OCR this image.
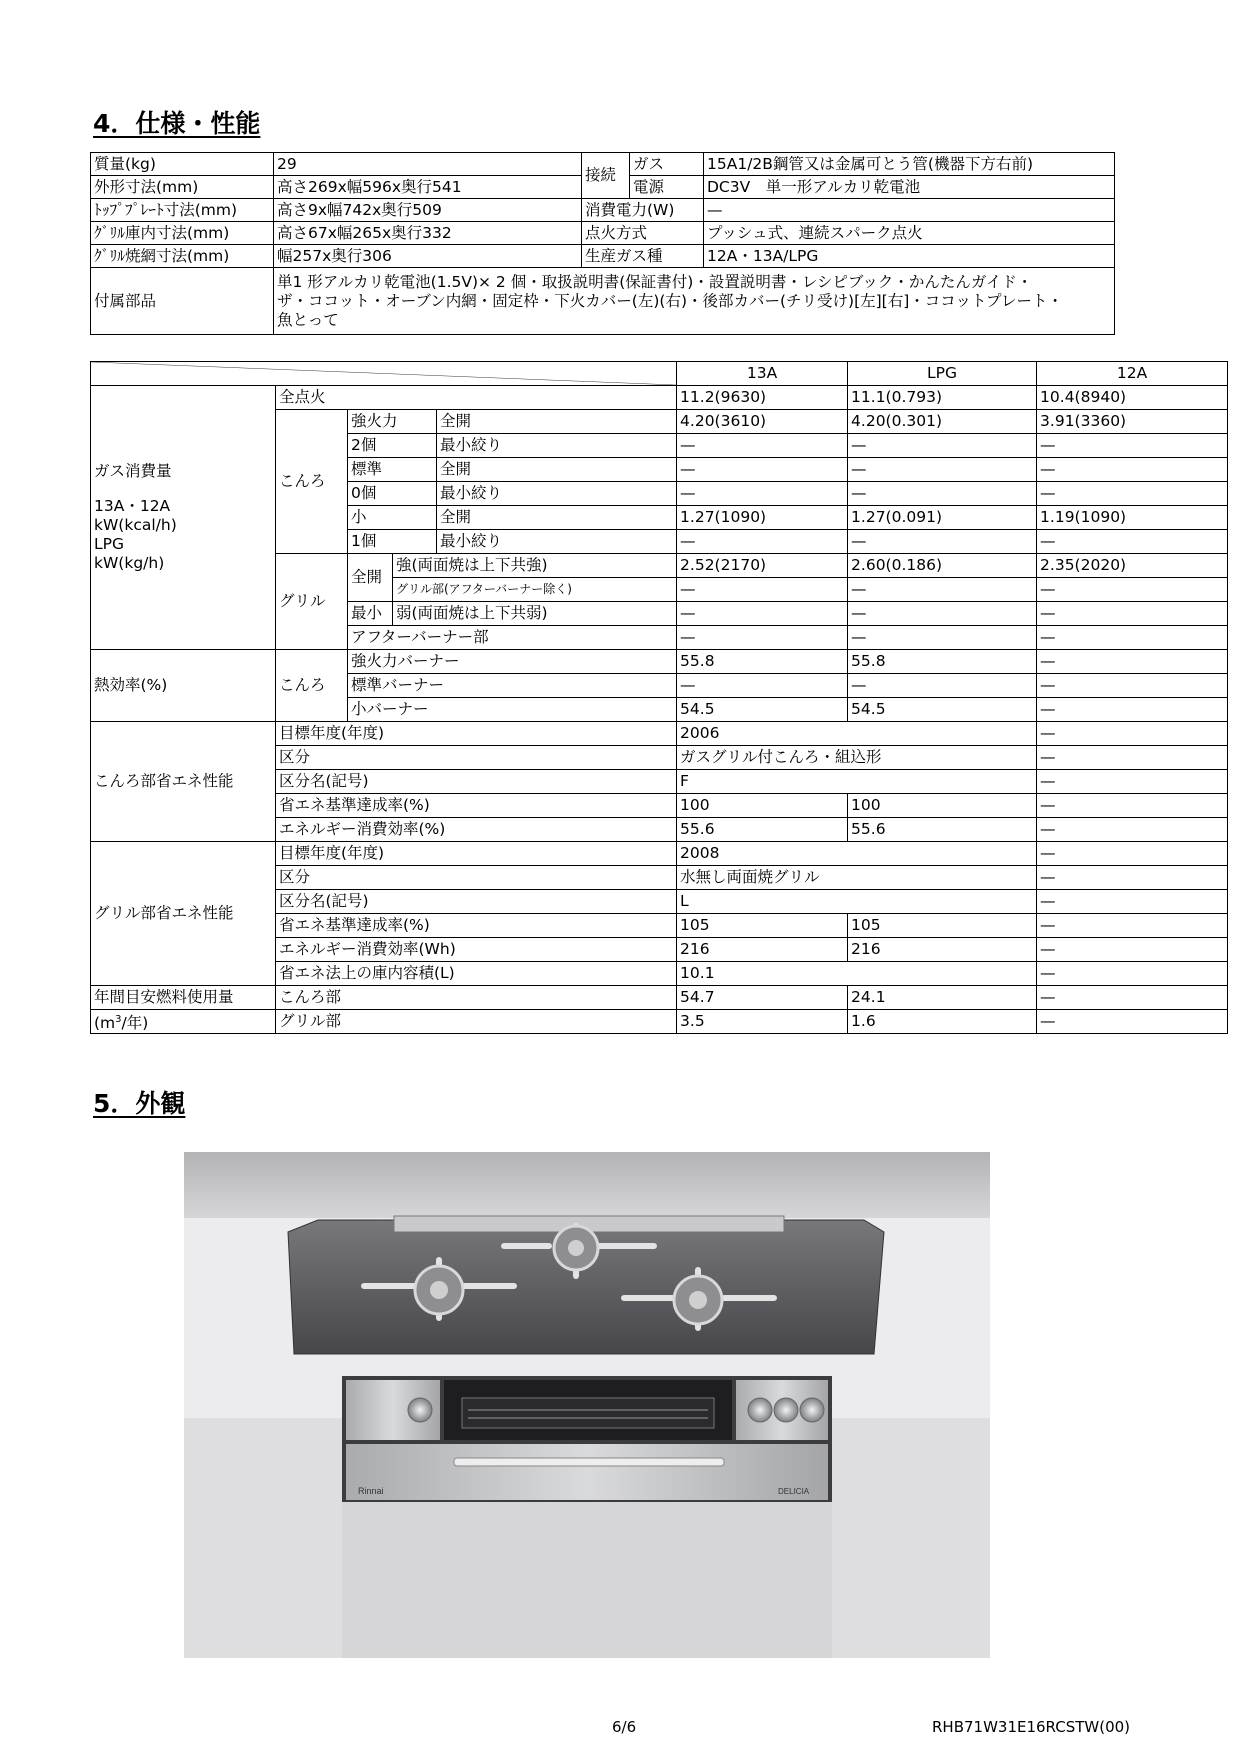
4．仕様・性能
質量(kg)	29	接続	ガス	15A1/2B鋼管又は金属可とう管(機器下方右前)
外形寸法(mm)	高さ269x幅596x奥行541		電源	DC3V　単一形アルカリ乾電池
ﾄｯﾌﾟﾌﾟﾚｰﾄ寸法(mm)	高さ9x幅742x奥行509	消費電力(W)		—
ｸﾞﾘﾙ庫内寸法(mm)	高さ67x幅265x奥行332	点火方式		プッシュ式、連続スパーク点火
ｸﾞﾘﾙ焼網寸法(mm)	幅257x奥行306	生産ガス種		12A・13A/LPG
付属部品	単1 形アルカリ乾電池(1.5V)× 2 個・取扱説明書(保証書付)・設置説明書・レシピブック・かんたんガイド・
ザ・ココット・オーブン内網・固定枠・下火カバー(左)(右)・後部カバー(チリ受け)[左][右]・ココットプレート・
魚とって			
	13A	LPG	12A

ガス消費量
13A・12A
kW(kcal/h)
LPG
kW(kg/h)	全点火				11.2(9630)	11.1(0.793)	10.4(8940)
	こんろ	強火力		全開	4.20(3610)	4.20(0.301)	3.91(3360)
		2個		最小絞り	—	—	—
		標準		全開	—	—	—
		0個		最小絞り	—	—	—
		小		全開	1.27(1090)	1.27(0.091)	1.19(1090)
		1個		最小絞り	—	—	—
	グリル	全開	強(両面焼は上下共強)		2.52(2170)	2.60(0.186)	2.35(2020)
			グリル部(アフターバーナー除く)		—	—	—
		最小	弱(両面焼は上下共弱)		—	—	—
		アフターバーナー部			—	—	—
熱効率(%)	こんろ	強火力バーナー			55.8	55.8	—
		標準バーナー			—	—	—
		小バーナー			54.5	54.5	—
こんろ部省エネ性能	目標年度(年度)				2006		—
	区分				ガスグリル付こんろ・組込形		—
	区分名(記号)				F		—
	省エネ基準達成率(%)				100	100	—
	エネルギー消費効率(%)				55.6	55.6	—
グリル部省エネ性能	目標年度(年度)				2008		—
	区分				水無し両面焼グリル		—
	区分名(記号)				L		—
	省エネ基準達成率(%)				105	105	—
	エネルギー消費効率(Wh)				216	216	—
	省エネ法上の庫内容積(L)				10.1		—
年間目安燃料使用量	こんろ部				54.7	24.1	—
($m^3/$年)	グリル部				3.5	1.6	—
5．外観
Rinnai	DELICIA
6/6	RHB71W31E16RCSTW(00)
